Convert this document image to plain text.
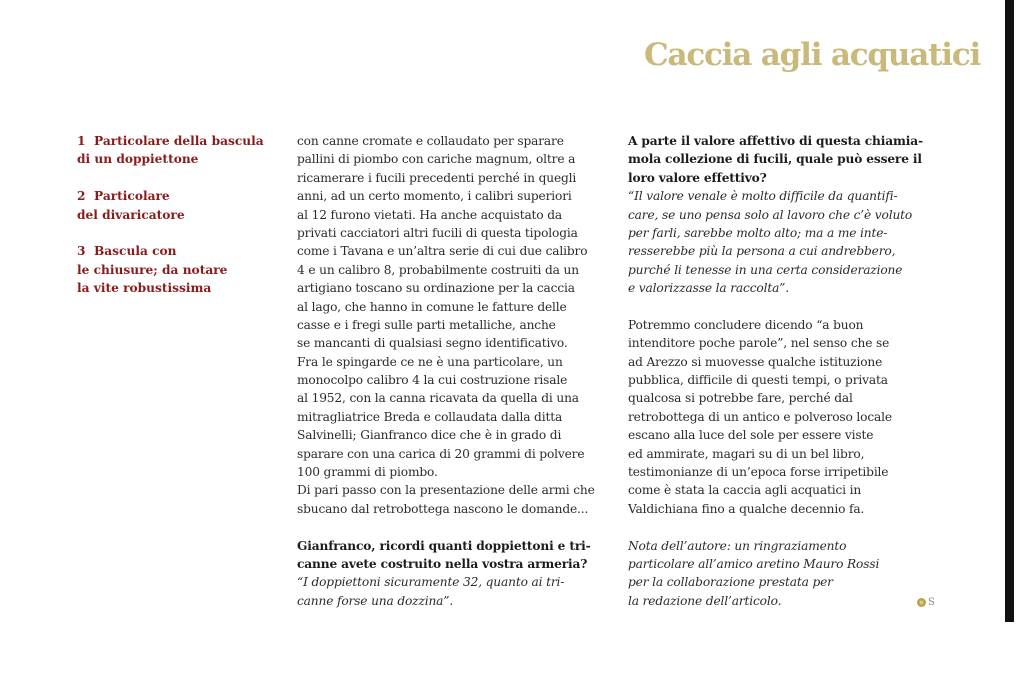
Caccia agli acquatici

1 Particolare della bascula
di un doppiettone

2 Particolare
del divaricatore

3 Bascula con
le chiusure; da notare
la vite robustissima

con canne cromate e collaudato per sparare
pallini di piombo con cariche magnum, oltre a
ricamerare i fucili precedenti perché in quegli
anni, ad un certo momento, i calibri superiori
al 12 furono vietati. Ha anche acquistato da
privati cacciatori altri fucili di questa tipologia
come i Tavana e un’altra serie di cui due calibro
4 e un calibro 8, probabilmente costruiti da un
artigiano toscano su ordinazione per la caccia
al lago, che hanno in comune le fatture delle
casse e i fregi sulle parti metalliche, anche
se mancanti di qualsiasi segno identificativo.
Fra le spingarde ce ne è una particolare, un
monocolpo calibro 4 la cui costruzione risale
al 1952, con la canna ricavata da quella di una
mitragliatrice Breda e collaudata dalla ditta
Salvinelli; Gianfranco dice che è in grado di
sparare con una carica di 20 grammi di polvere
100 grammi di piombo.
Di pari passo con la presentazione delle armi che
sbucano dal retrobottega nascono le domande...
Gianfranco, ricordi quanti doppiettoni e tri-
canne avete costruito nella vostra armeria?
“I doppiettoni sicuramente 32, quanto ai tri-
canne forse una dozzina”.
A parte il valore affettivo di questa chiamia-
mola collezione di fucili, quale può essere il
loro valore effettivo?
“Il valore venale è molto difficile da quantifi-
care, se uno pensa solo al lavoro che c’è voluto
per farli, sarebbe molto alto; ma a me inte-
resserebbe più la persona a cui andrebbero,
purché li tenesse in una certa considerazione
e valorizzasse la raccolta”.
Potremmo concludere dicendo “a buon
intenditore poche parole”, nel senso che se
ad Arezzo si muovesse qualche istituzione
pubblica, difficile di questi tempi, o privata
qualcosa si potrebbe fare, perché dal
retrobottega di un antico e polveroso locale
escano alla luce del sole per essere viste
ed ammirate, magari su di un bel libro,
testimonianze di un’epoca forse irripetibile
come è stata la caccia agli acquatici in
Valdichiana fino a qualche decennio fa.
Nota dell’autore: un ringraziamento
particolare all’amico aretino Mauro Rossi
per la collaborazione prestata per
la redazione dell’articolo.	S
